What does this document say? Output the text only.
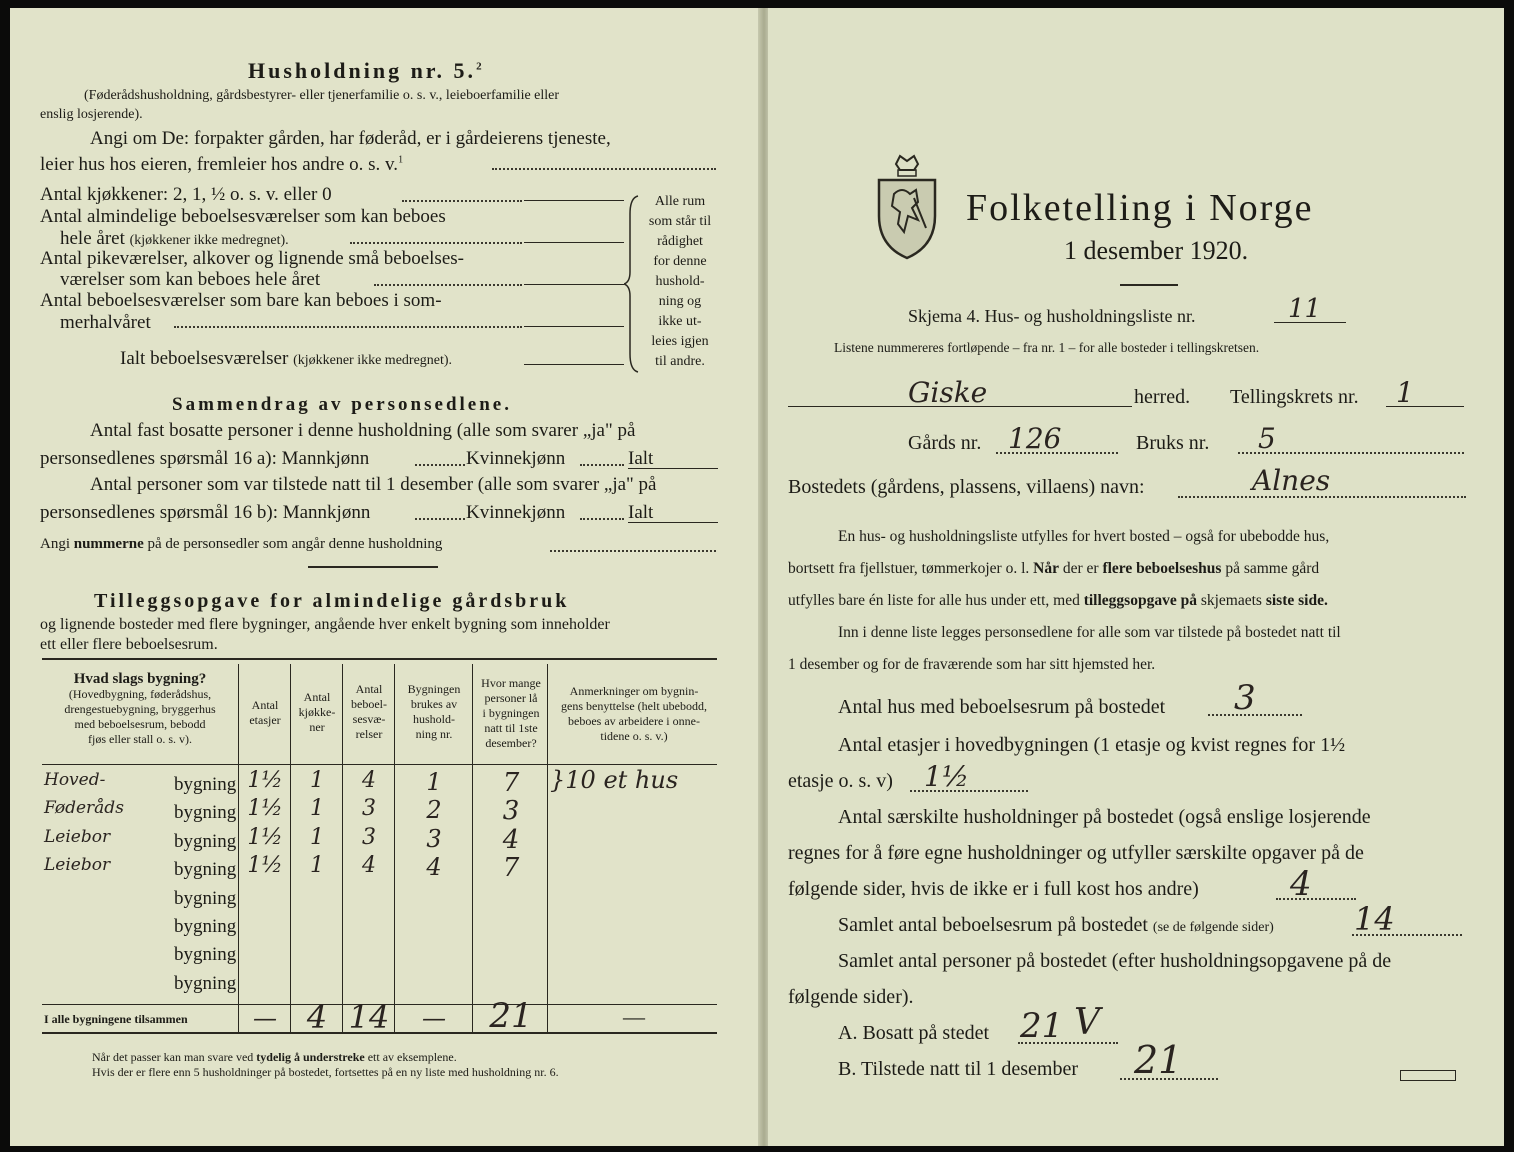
Husholdning nr. 5.$^2$
(Føderådshusholdning, gårdsbestyrer- eller tjenerfamilie o. s. v., leieboerfamilie eller
enslig losjerende).
Angi om De: forpakter gården, har føderåd, er i gårdeierens tjeneste,
leier hus hos eieren, fremleier hos andre o. s. v.$^1$
Antal kjøkkener: 2, 1, ½ o. s. v. eller 0
Antal almindelige beboelsesværelser som kan beboes
hele året (kjøkkener ikke medregnet).
Antal pikeværelser, alkover og lignende små beboelses-
værelser som kan beboes hele året
Antal beboelsesværelser som bare kan beboes i som-
merhalvåret
Ialt beboelsesværelser (kjøkkener ikke medregnet).
Alle rum
som står til
rådighet
for denne
hushold-
ning og
ikke ut-
leies igjen
til andre.
Sammendrag av personsedlene.
Antal fast bosatte personer i denne husholdning (alle som svarer „ja" på
personsedlenes spørsmål 16 a): Mannkjønn	Kvinnekjønn	Ialt
Antal personer som var tilstede natt til 1 desember (alle som svarer „ja" på
personsedlenes spørsmål 16 b): Mannkjønn	Kvinnekjønn	Ialt
Angi nummerne på de personsedler som angår denne husholdning
Tilleggsopgave for almindelige gårdsbruk
og lignende bosteder med flere bygninger, angående hver enkelt bygning som inneholder
ett eller flere beboelsesrum.
Hvad slags bygning?
(Hovedbygning, føderådshus,
drengestuebygning, bryggerhus
med beboelsesrum, bebodd
fjøs eller stall o. s. v).
Antal
etasjer
Antal
kjøkke-
ner
Antal
beboel-
sesvæ-
relser
Bygningen
brukes av
hushold-
ning nr.
Hvor mange
personer lå
i bygningen
natt til 1ste
desember?
Anmerkninger om bygnin-
gens benyttelse (helt ubebodd,
beboes av arbeidere i onne-
tidene o. s. v.)
Hoved-	bygning 1½	1	4	1	7	}10 et hus
Føderåds	bygning 1½	1	3	2	3
Leiebor	bygning 1½	1	3	3	4
Leiebor	bygning 1½	1	4	4	7
bygning
bygning
bygning
bygning
I alle bygningene tilsammen	— 4 14	—	21	—
Når det passer kan man svare ved tydelig å understreke ett av eksemplene.
Hvis der er flere enn 5 husholdninger på bostedet, fortsettes på en ny liste med husholdning nr. 6.
Folketelling i Norge
1 desember 1920.
Skjema 4. Hus- og husholdningsliste nr.	11
Listene nummereres fortløpende – fra nr. 1 – for alle bosteder i tellingskretsen.
Giske	herred. Tellingskrets nr. 1
Gårds nr. 126	Bruks nr. 5
Bostedets (gårdens, plassens, villaens) navn:	Alnes
En hus- og husholdningsliste utfylles for hvert bosted – også for ubebodde hus,
bortsett fra fjellstuer, tømmerkojer o. l. Når der er flere beboelseshus på samme gård
utfylles bare én liste for alle hus under ett, med tilleggsopgave på skjemaets siste side.
Inn i denne liste legges personsedlene for alle som var tilstede på bostedet natt til
1 desember og for de fraværende som har sitt hjemsted her.
Antal hus med beboelsesrum på bostedet 3
Antal etasjer i hovedbygningen (1 etasje og kvist regnes for 1½
etasje o. s. v) 1½
Antal særskilte husholdninger på bostedet (også enslige losjerende
regnes for å føre egne husholdninger og utfyller særskilte opgaver på de
følgende sider, hvis de ikke er i full kost hos andre)	4
Samlet antal beboelsesrum på bostedet (se de følgende sider)	14
Samlet antal personer på bostedet (efter husholdningsopgavene på de
følgende sider).
A. Bosatt på stedet 21 V
B. Tilstede natt til 1 desember 21
